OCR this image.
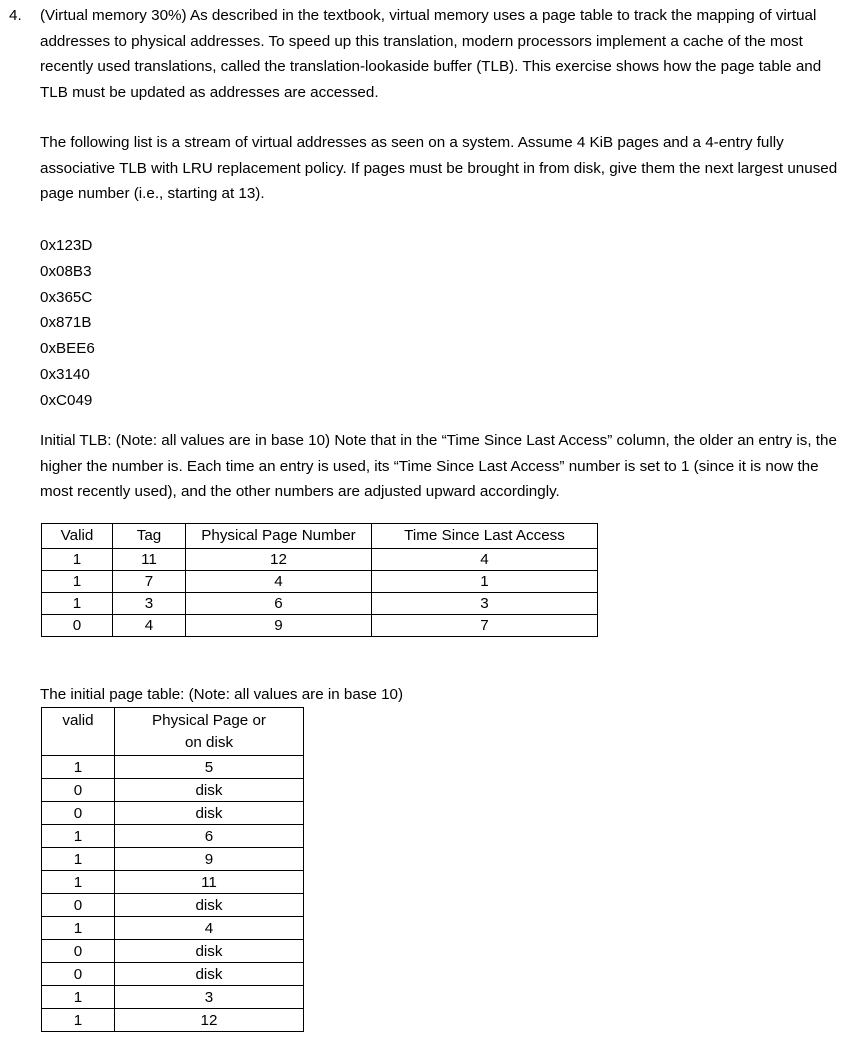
4. (Virtual memory 30%) As described in the textbook, virtual memory uses a page table to track the mapping of virtual addresses to physical addresses. To speed up this translation, modern processors implement a cache of the most recently used translations, called the translation-lookaside buffer (TLB). This exercise shows how the page table and TLB must be updated as addresses are accessed.

The following list is a stream of virtual addresses as seen on a system. Assume 4 KiB pages and a 4-entry fully associative TLB with LRU replacement policy. If pages must be brought in from disk, give them the next largest unused page number (i.e., starting at 13).

0x123D
0x08B3
0x365C
0x871B
0xBEE6
0x3140
0xC049

Initial TLB: (Note: all values are in base 10) Note that in the “Time Since Last Access” column, the older an entry is, the higher the number is. Each time an entry is used, its “Time Since Last Access” number is set to 1 (since it is now the most recently used), and the other numbers are adjusted upward accordingly.

Valid	Tag	Physical Page Number	Time Since Last Access
1	11	12	4
1	7	4	1
1	3	6	3
0	4	9	7

The initial page table: (Note: all values are in base 10)

valid	Physical Page or
on disk

1	5
0	disk
0	disk
1	6
1	9
1	11
0	disk
1	4
0	disk
0	disk
1	3
1	12
